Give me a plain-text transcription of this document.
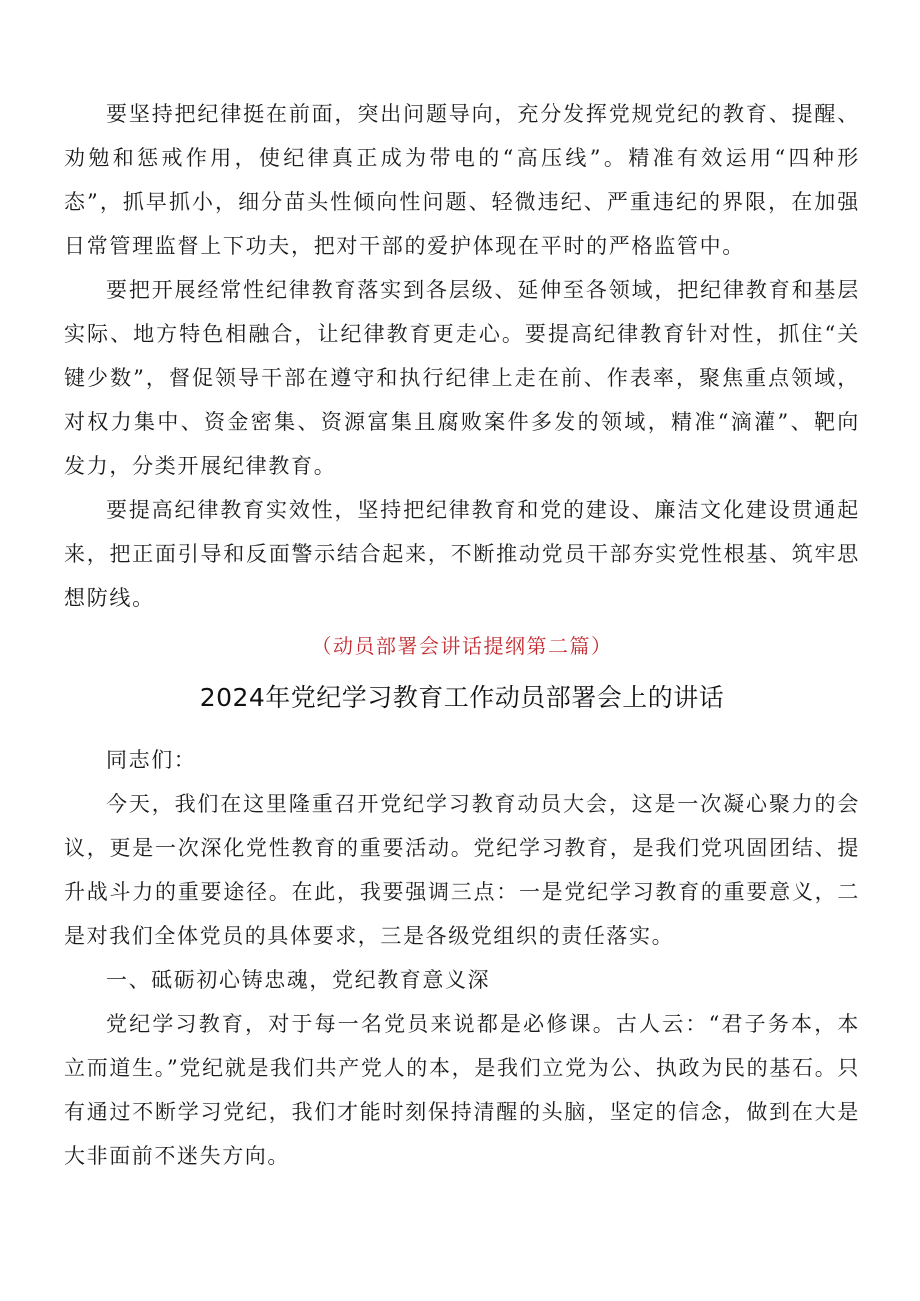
要坚持把纪律挺在前面，突出问题导向，充分发挥党规党纪的教育、提醒、劝勉和惩戒作用，使纪律真正成为带电的“高压线”。精准有效运用“四种形态”，抓早抓小，细分苗头性倾向性问题、轻微违纪、严重违纪的界限，在加强日常管理监督上下功夫，把对干部的爱护体现在平时的严格监管中。

要把开展经常性纪律教育落实到各层级、延伸至各领域，把纪律教育和基层实际、地方特色相融合，让纪律教育更走心。要提高纪律教育针对性，抓住“关键少数”，督促领导干部在遵守和执行纪律上走在前、作表率，聚焦重点领域，对权力集中、资金密集、资源富集且腐败案件多发的领域，精准“滴灌”、靶向发力，分类开展纪律教育。

要提高纪律教育实效性，坚持把纪律教育和党的建设、廉洁文化建设贯通起来，把正面引导和反面警示结合起来，不断推动党员干部夯实党性根基、筑牢思想防线。

（动员部署会讲话提纲第二篇）

2024年党纪学习教育工作动员部署会上的讲话

同志们：

今天，我们在这里隆重召开党纪学习教育动员大会，这是一次凝心聚力的会议，更是一次深化党性教育的重要活动。党纪学习教育，是我们党巩固团结、提升战斗力的重要途径。在此，我要强调三点：一是党纪学习教育的重要意义，二是对我们全体党员的具体要求，三是各级党组织的责任落实。

一、砥砺初心铸忠魂，党纪教育意义深

党纪学习教育，对于每一名党员来说都是必修课。古人云：“君子务本，本立而道生。”党纪就是我们共产党人的本，是我们立党为公、执政为民的基石。只有通过不断学习党纪，我们才能时刻保持清醒的头脑，坚定的信念，做到在大是大非面前不迷失方向。
